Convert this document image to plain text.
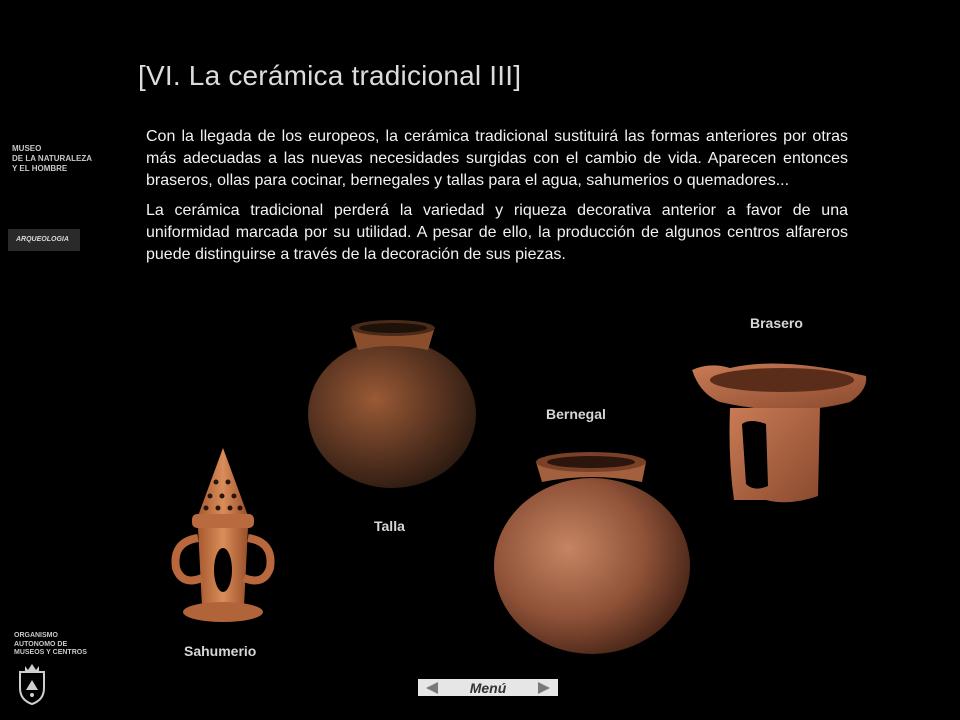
[VI. La cerámica tradicional III]
MUSEO
DE LA NATURALEZA
Y EL HOMBRE
ARQUEOLOGIA
ORGANISMO
AUTONOMO DE
MUSEOS Y CENTROS

Con la llegada de los europeos, la cerámica tradicional sustituirá las formas anteriores por otras más adecuadas a las nuevas necesidades surgidas con el cambio de vida. Aparecen entonces braseros, ollas para cocinar, bernegales y tallas para el agua, sahumerios o quemadores...

La cerámica tradicional perderá la variedad y riqueza decorativa anterior a favor de una uniformidad marcada por su utilidad. A pesar de ello, la producción de algunos centros alfareros puede distinguirse a través de la decoración de sus piezas.

Brasero
Bernegal
Talla
Sahumerio
Menú
